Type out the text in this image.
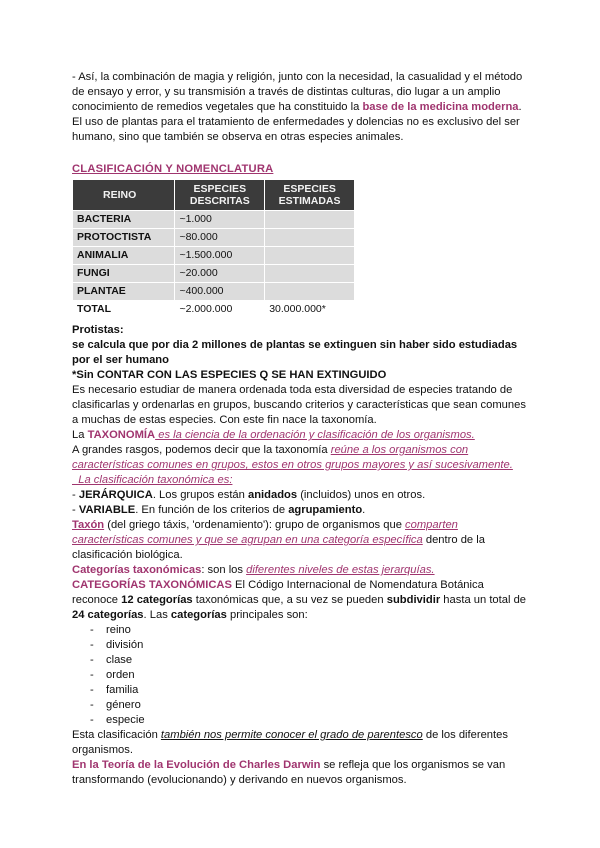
- Así, la combinación de magia y religión, junto con la necesidad, la casualidad y el método de ensayo y error, y su transmisión a través de distintas culturas, dio lugar a un amplio conocimiento de remedios vegetales que ha constituido la base de la medicina moderna.

El uso de plantas para el tratamiento de enfermedades y dolencias no es exclusivo del ser humano, sino que también se observa en otras especies animales.

CLASIFICACIÓN Y NOMENCLATURA
REINO	ESPECIES DESCRITAS	ESPECIES ESTIMADAS
BACTERIA	~1.000	
PROTOCTISTA	~80.000	
ANIMALIA	~1.500.000	
FUNGI	~20.000	
PLANTAE	~400.000	
TOTAL	~2.000.000	30.000.000*

Protistas:

se calcula que por dia 2 millones de plantas se extinguen sin haber sido estudiadas por el ser humano

*Sin CONTAR CON LAS ESPECIES Q SE HAN EXTINGUIDO

Es necesario estudiar de manera ordenada toda esta diversidad de especies tratando de clasificarlas y ordenarlas en grupos, buscando criterios y características que sean comunes a muchas de estas especies. Con este fin nace la taxonomía.

La TAXONOMÍA es la ciencia de la ordenación y clasificación de los organismos.

A grandes rasgos, podemos decir que la taxonomía reúne a los organismos con características comunes en grupos, estos en otros grupos mayores y así sucesivamente.
La clasificación taxonómica es:

- JERÁRQUICA. Los grupos están anidados (incluidos) unos en otros.

- VARIABLE. En función de los criterios de agrupamiento.

Taxón (del griego táxis, 'ordenamiento'): grupo de organismos que comparten características comunes y que se agrupan en una categoría específica dentro de la clasificación biológica.

Categorías taxonómicas: son los diferentes niveles de estas jerarquías.

CATEGORÍAS TAXONÓMICAS El Código Internacional de Nomendatura Botánica reconoce 12 categorías taxonómicas que, a su vez se pueden subdividir hasta un total de 24 categorías. Las categorías principales son:

- reino
- división
- clase
- orden
- familia
- género
- especie

Esta clasificación también nos permite conocer el grado de parentesco de los diferentes organismos.

En la Teoría de la Evolución de Charles Darwin se refleja que los organismos se van transformando (evolucionando) y derivando en nuevos organismos.
